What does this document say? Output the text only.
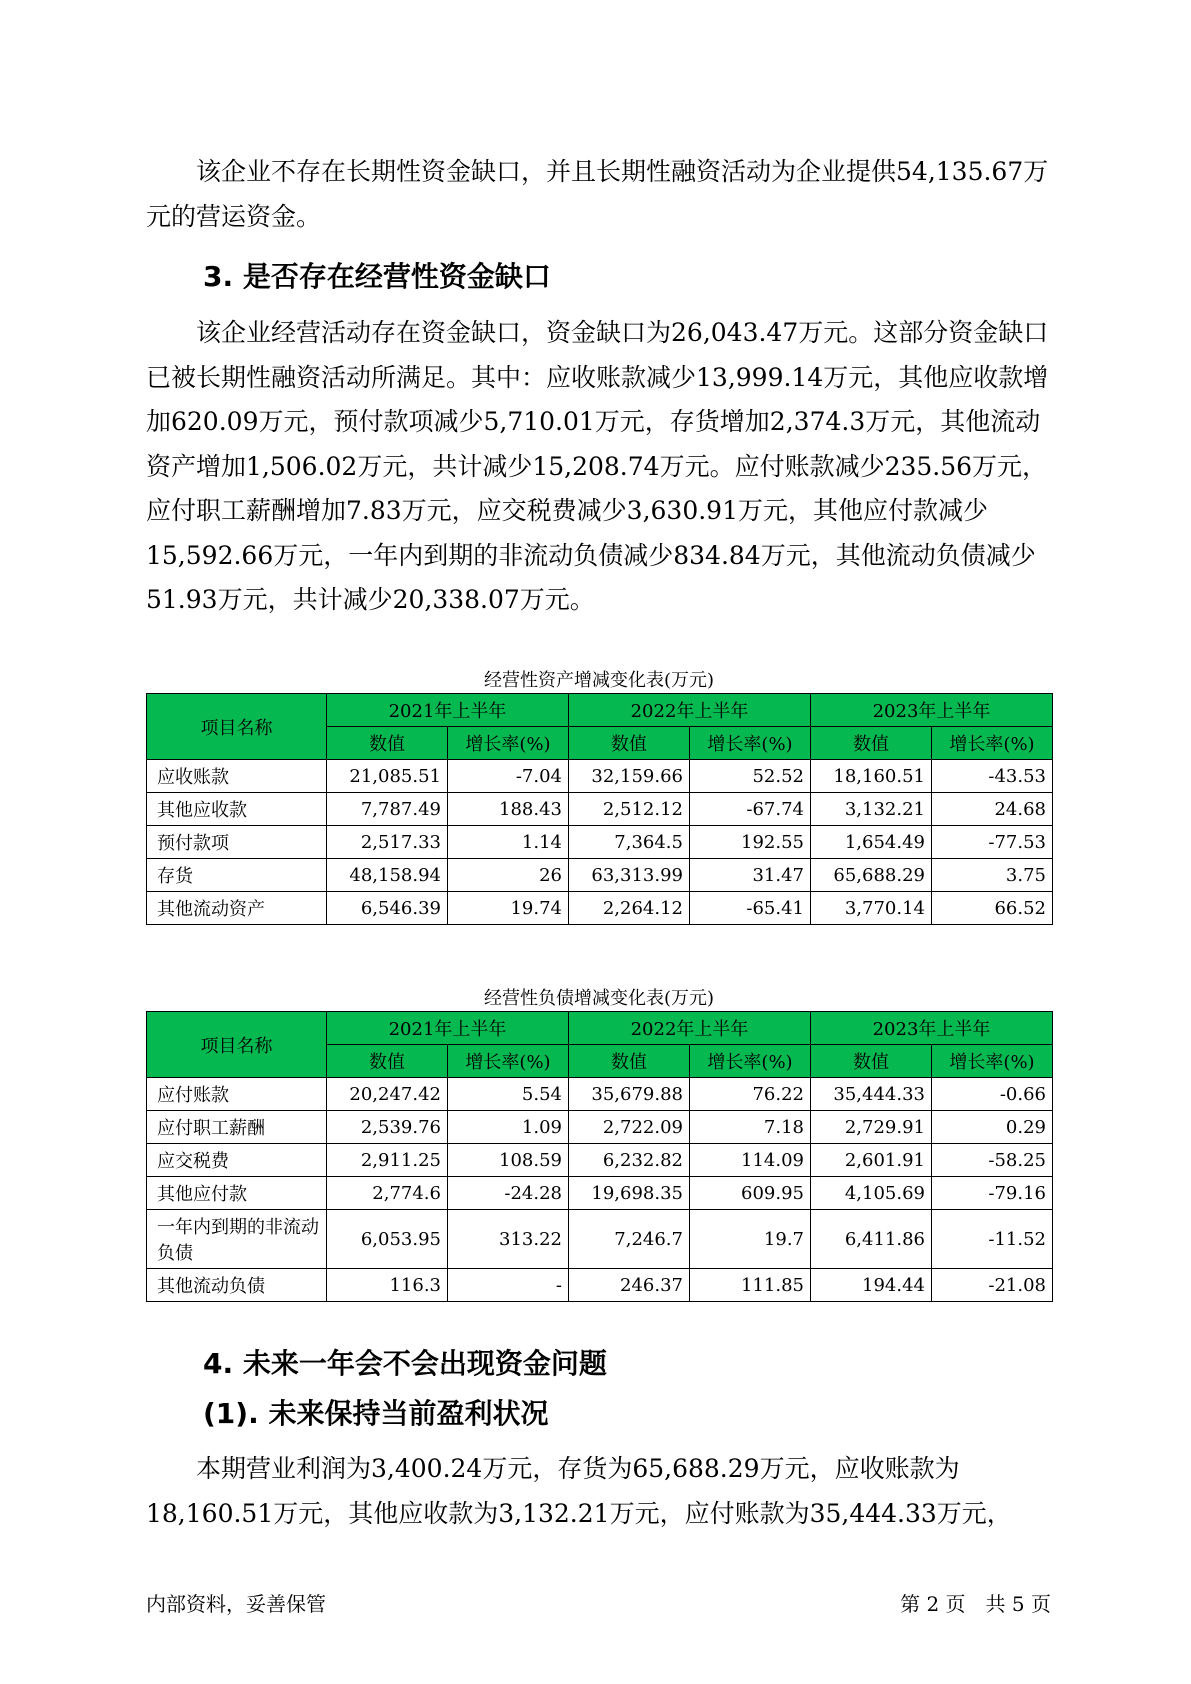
该企业不存在长期性资金缺口，并且长期性融资活动为企业提供54,135.67万元的营运资金。

3. 是否存在经营性资金缺口

该企业经营活动存在资金缺口，资金缺口为26,043.47万元。这部分资金缺口已被长期性融资活动所满足。其中：应收账款减少13,999.14万元，其他应收款增加620.09万元，预付款项减少5,710.01万元，存货增加2,374.3万元，其他流动资产增加1,506.02万元，共计减少15,208.74万元。应付账款减少235.56万元，应付职工薪酬增加7.83万元，应交税费减少3,630.91万元，其他应付款减少15,592.66万元，一年内到期的非流动负债减少834.84万元，其他流动负债减少51.93万元，共计减少20,338.07万元。

经营性资产增减变化表(万元)
项目名称	2021年上半年		2022年上半年		2023年上半年	
	数值	增长率(%)	数值	增长率(%)	数值	增长率(%)
应收账款	21,085.51	-7.04	32,159.66	52.52	18,160.51	-43.53
其他应收款	7,787.49	188.43	2,512.12	-67.74	3,132.21	24.68
预付款项	2,517.33	1.14	7,364.5	192.55	1,654.49	-77.53
存货	48,158.94	26	63,313.99	31.47	65,688.29	3.75
其他流动资产	6,546.39	19.74	2,264.12	-65.41	3,770.14	66.52
经营性负债增减变化表(万元)
项目名称	2021年上半年		2022年上半年		2023年上半年	
	数值	增长率(%)	数值	增长率(%)	数值	增长率(%)
应付账款	20,247.42	5.54	35,679.88	76.22	35,444.33	-0.66
应付职工薪酬	2,539.76	1.09	2,722.09	7.18	2,729.91	0.29
应交税费	2,911.25	108.59	6,232.82	114.09	2,601.91	-58.25
其他应付款	2,774.6	-24.28	19,698.35	609.95	4,105.69	-79.16
一年内到期的非流动负债	6,053.95	313.22	7,246.7	19.7	6,411.86	-11.52
其他流动负债	116.3	-	246.37	111.85	194.44	-21.08
4. 未来一年会不会出现资金问题
(1). 未来保持当前盈利状况

本期营业利润为3,400.24万元，存货为65,688.29万元，应收账款为18,160.51万元，其他应收款为3,132.21万元，应付账款为35,444.33万元，

内部资料，妥善保管	第 2 页　共 5 页
